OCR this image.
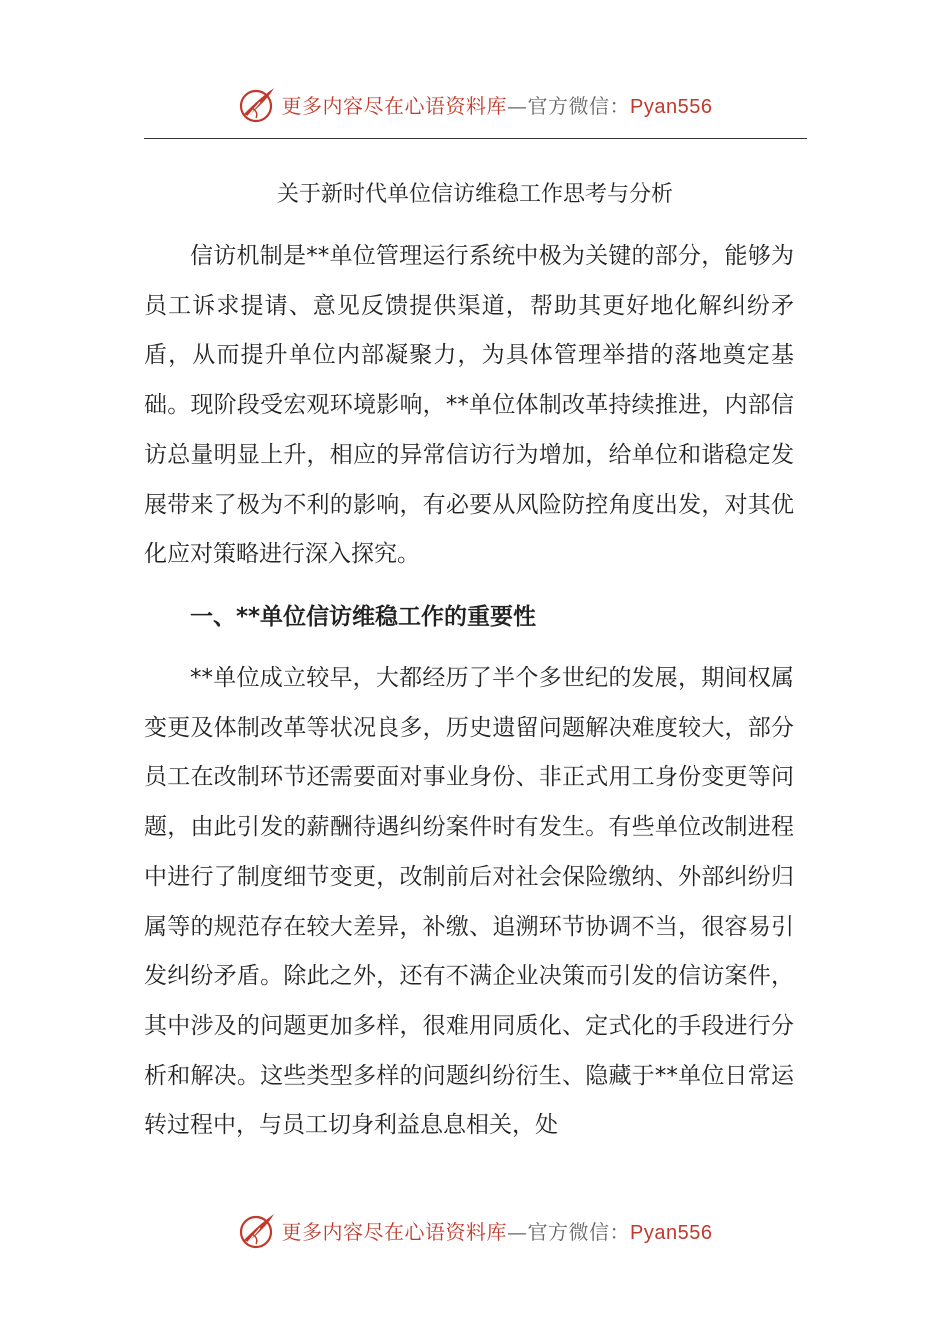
更多内容尽在心语资料库—官方微信：Pyan556
关于新时代单位信访维稳工作思考与分析

信访机制是**单位管理运行系统中极为关键的部分，能够为员工诉求提请、意见反馈提供渠道，帮助其更好地化解纠纷矛盾，从而提升单位内部凝聚力，为具体管理举措的落地奠定基础。现阶段受宏观环境影响，**单位体制改革持续推进，内部信访总量明显上升，相应的异常信访行为增加，给单位和谐稳定发展带来了极为不利的影响，有必要从风险防控角度出发，对其优化应对策略进行深入探究。

一、**单位信访维稳工作的重要性

**单位成立较早，大都经历了半个多世纪的发展，期间权属变更及体制改革等状况良多，历史遗留问题解决难度较大，部分员工在改制环节还需要面对事业身份、非正式用工身份变更等问题，由此引发的薪酬待遇纠纷案件时有发生。有些单位改制进程中进行了制度细节变更，改制前后对社会保险缴纳、外部纠纷归属等的规范存在较大差异，补缴、追溯环节协调不当，很容易引发纠纷矛盾。除此之外，还有不满企业决策而引发的信访案件，其中涉及的问题更加多样，很难用同质化、定式化的手段进行分析和解决。这些类型多样的问题纠纷衍生、隐藏于**单位日常运转过程中，与员工切身利益息息相关，处

更多内容尽在心语资料库—官方微信：Pyan556
